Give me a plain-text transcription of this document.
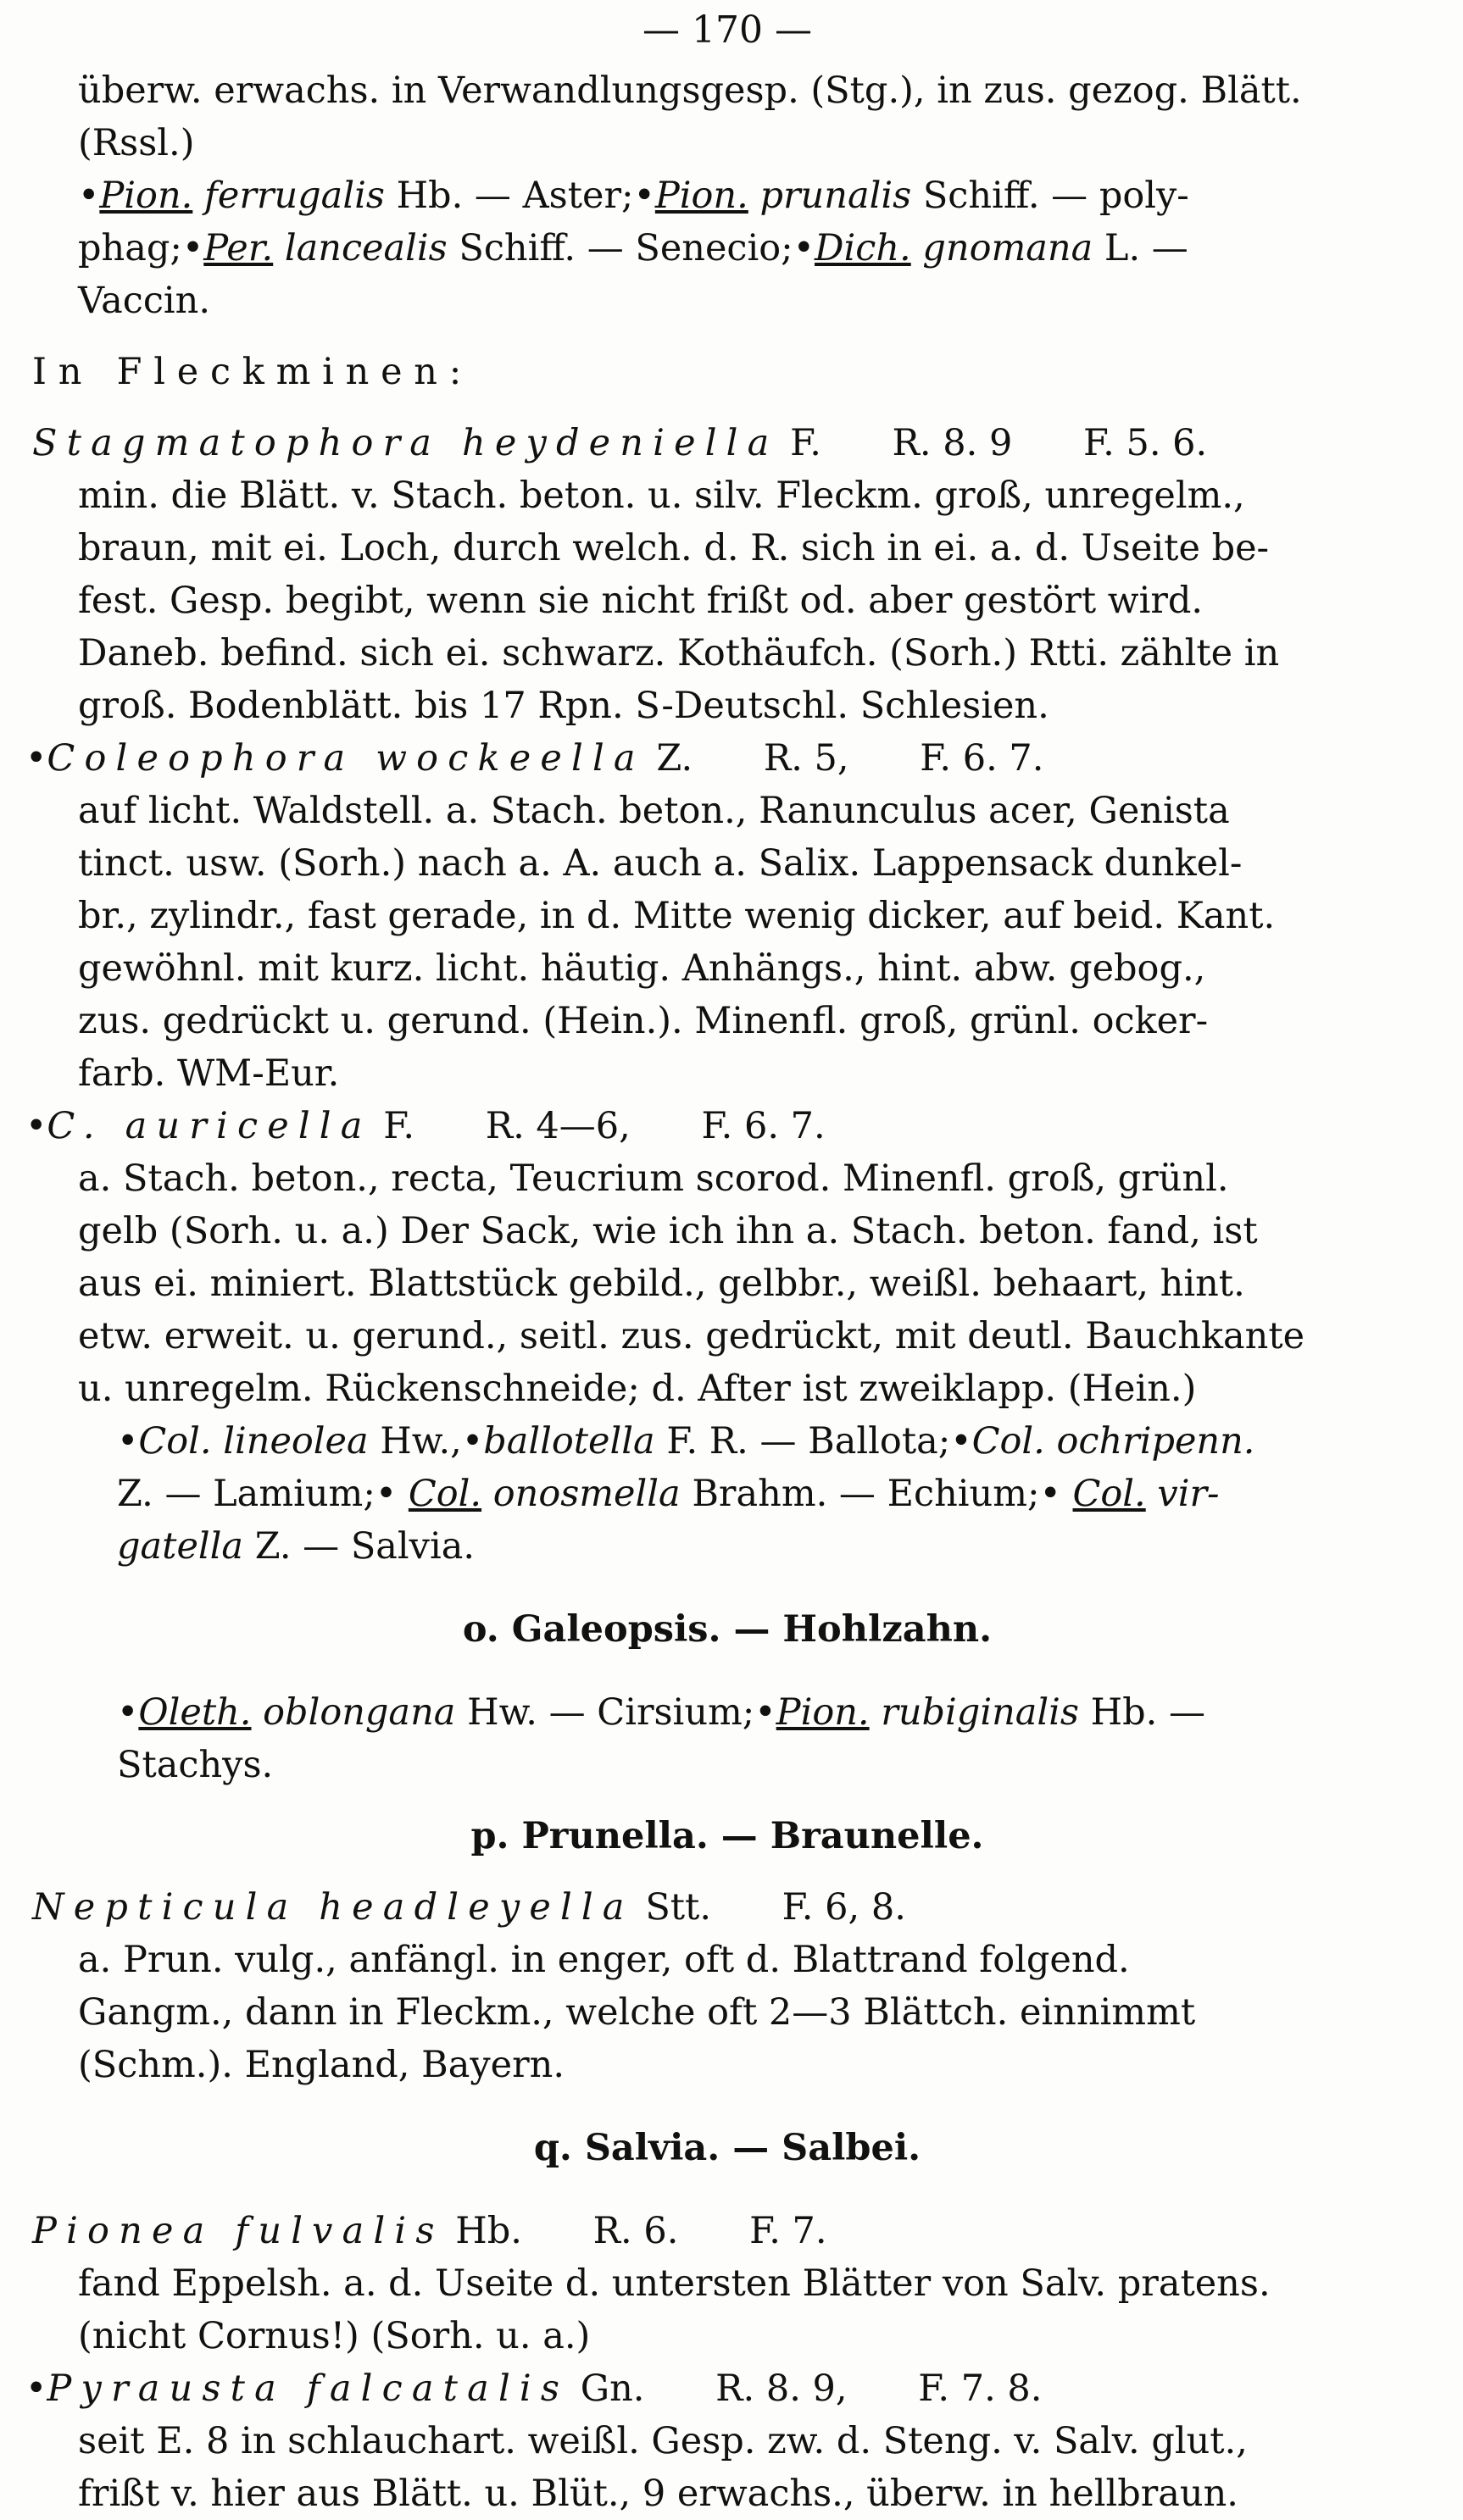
— 170 —
überw. erwachs. in Verwandlungsgesp. (Stg.), in zus. gezog. Blätt.
(Rssl.)
•Pion. ferrugalis Hb. — Aster;•Pion. prunalis Schiff. — poly-
phag;•Per. lancealis Schiff. — Senecio;•Dich. gnomana L. —
Vaccin.
In Fleckminen:
Stagmatophora heydeniella F. R. 8. 9 F. 5. 6.
min. die Blätt. v. Stach. beton. u. silv. Fleckm. groß, unregelm.,
braun, mit ei. Loch, durch welch. d. R. sich in ei. a. d. Useite be-
fest. Gesp. begibt, wenn sie nicht frißt od. aber gestört wird.
Daneb. befind. sich ei. schwarz. Kothäufch. (Sorh.) Rtti. zählte in
groß. Bodenblätt. bis 17 Rpn. S-Deutschl. Schlesien.
•Coleophora wockeella Z. R. 5, F. 6. 7.
auf licht. Waldstell. a. Stach. beton., Ranunculus acer, Genista
tinct. usw. (Sorh.) nach a. A. auch a. Salix. Lappensack dunkel-
br., zylindr., fast gerade, in d. Mitte wenig dicker, auf beid. Kant.
gewöhnl. mit kurz. licht. häutig. Anhängs., hint. abw. gebog.,
zus. gedrückt u. gerund. (Hein.). Minenfl. groß, grünl. ocker-
farb. WM-Eur.
•C. auricella F. R. 4—6, F. 6. 7.
a. Stach. beton., recta, Teucrium scorod. Minenfl. groß, grünl.
gelb (Sorh. u. a.) Der Sack, wie ich ihn a. Stach. beton. fand, ist
aus ei. miniert. Blattstück gebild., gelbbr., weißl. behaart, hint.
etw. erweit. u. gerund., seitl. zus. gedrückt, mit deutl. Bauchkante
u. unregelm. Rückenschneide; d. After ist zweiklapp. (Hein.)
•Col. lineolea Hw.,•ballotella F. R. — Ballota;•Col. ochripenn.
Z. — Lamium;• Col. onosmella Brahm. — Echium;• Col. vir-
gatella Z. — Salvia.
o. Galeopsis. — Hohlzahn.
•Oleth. oblongana Hw. — Cirsium;•Pion. rubiginalis Hb. —
Stachys.
p. Prunella. — Braunelle.
Nepticula headleyella Stt. F. 6, 8.
a. Prun. vulg., anfängl. in enger, oft d. Blattrand folgend.
Gangm., dann in Fleckm., welche oft 2—3 Blättch. einnimmt
(Schm.). England, Bayern.
q. Salvia. — Salbei.
Pionea fulvalis Hb. R. 6. F. 7.
fand Eppelsh. a. d. Useite d. untersten Blätter von Salv. pratens.
(nicht Cornus!) (Sorh. u. a.)
•Pyrausta falcatalis Gn. R. 8. 9, F. 7. 8.
seit E. 8 in schlauchart. weißl. Gesp. zw. d. Steng. v. Salv. glut.,
frißt v. hier aus Blätt. u. Blüt., 9 erwachs., überw. in hellbraun.
